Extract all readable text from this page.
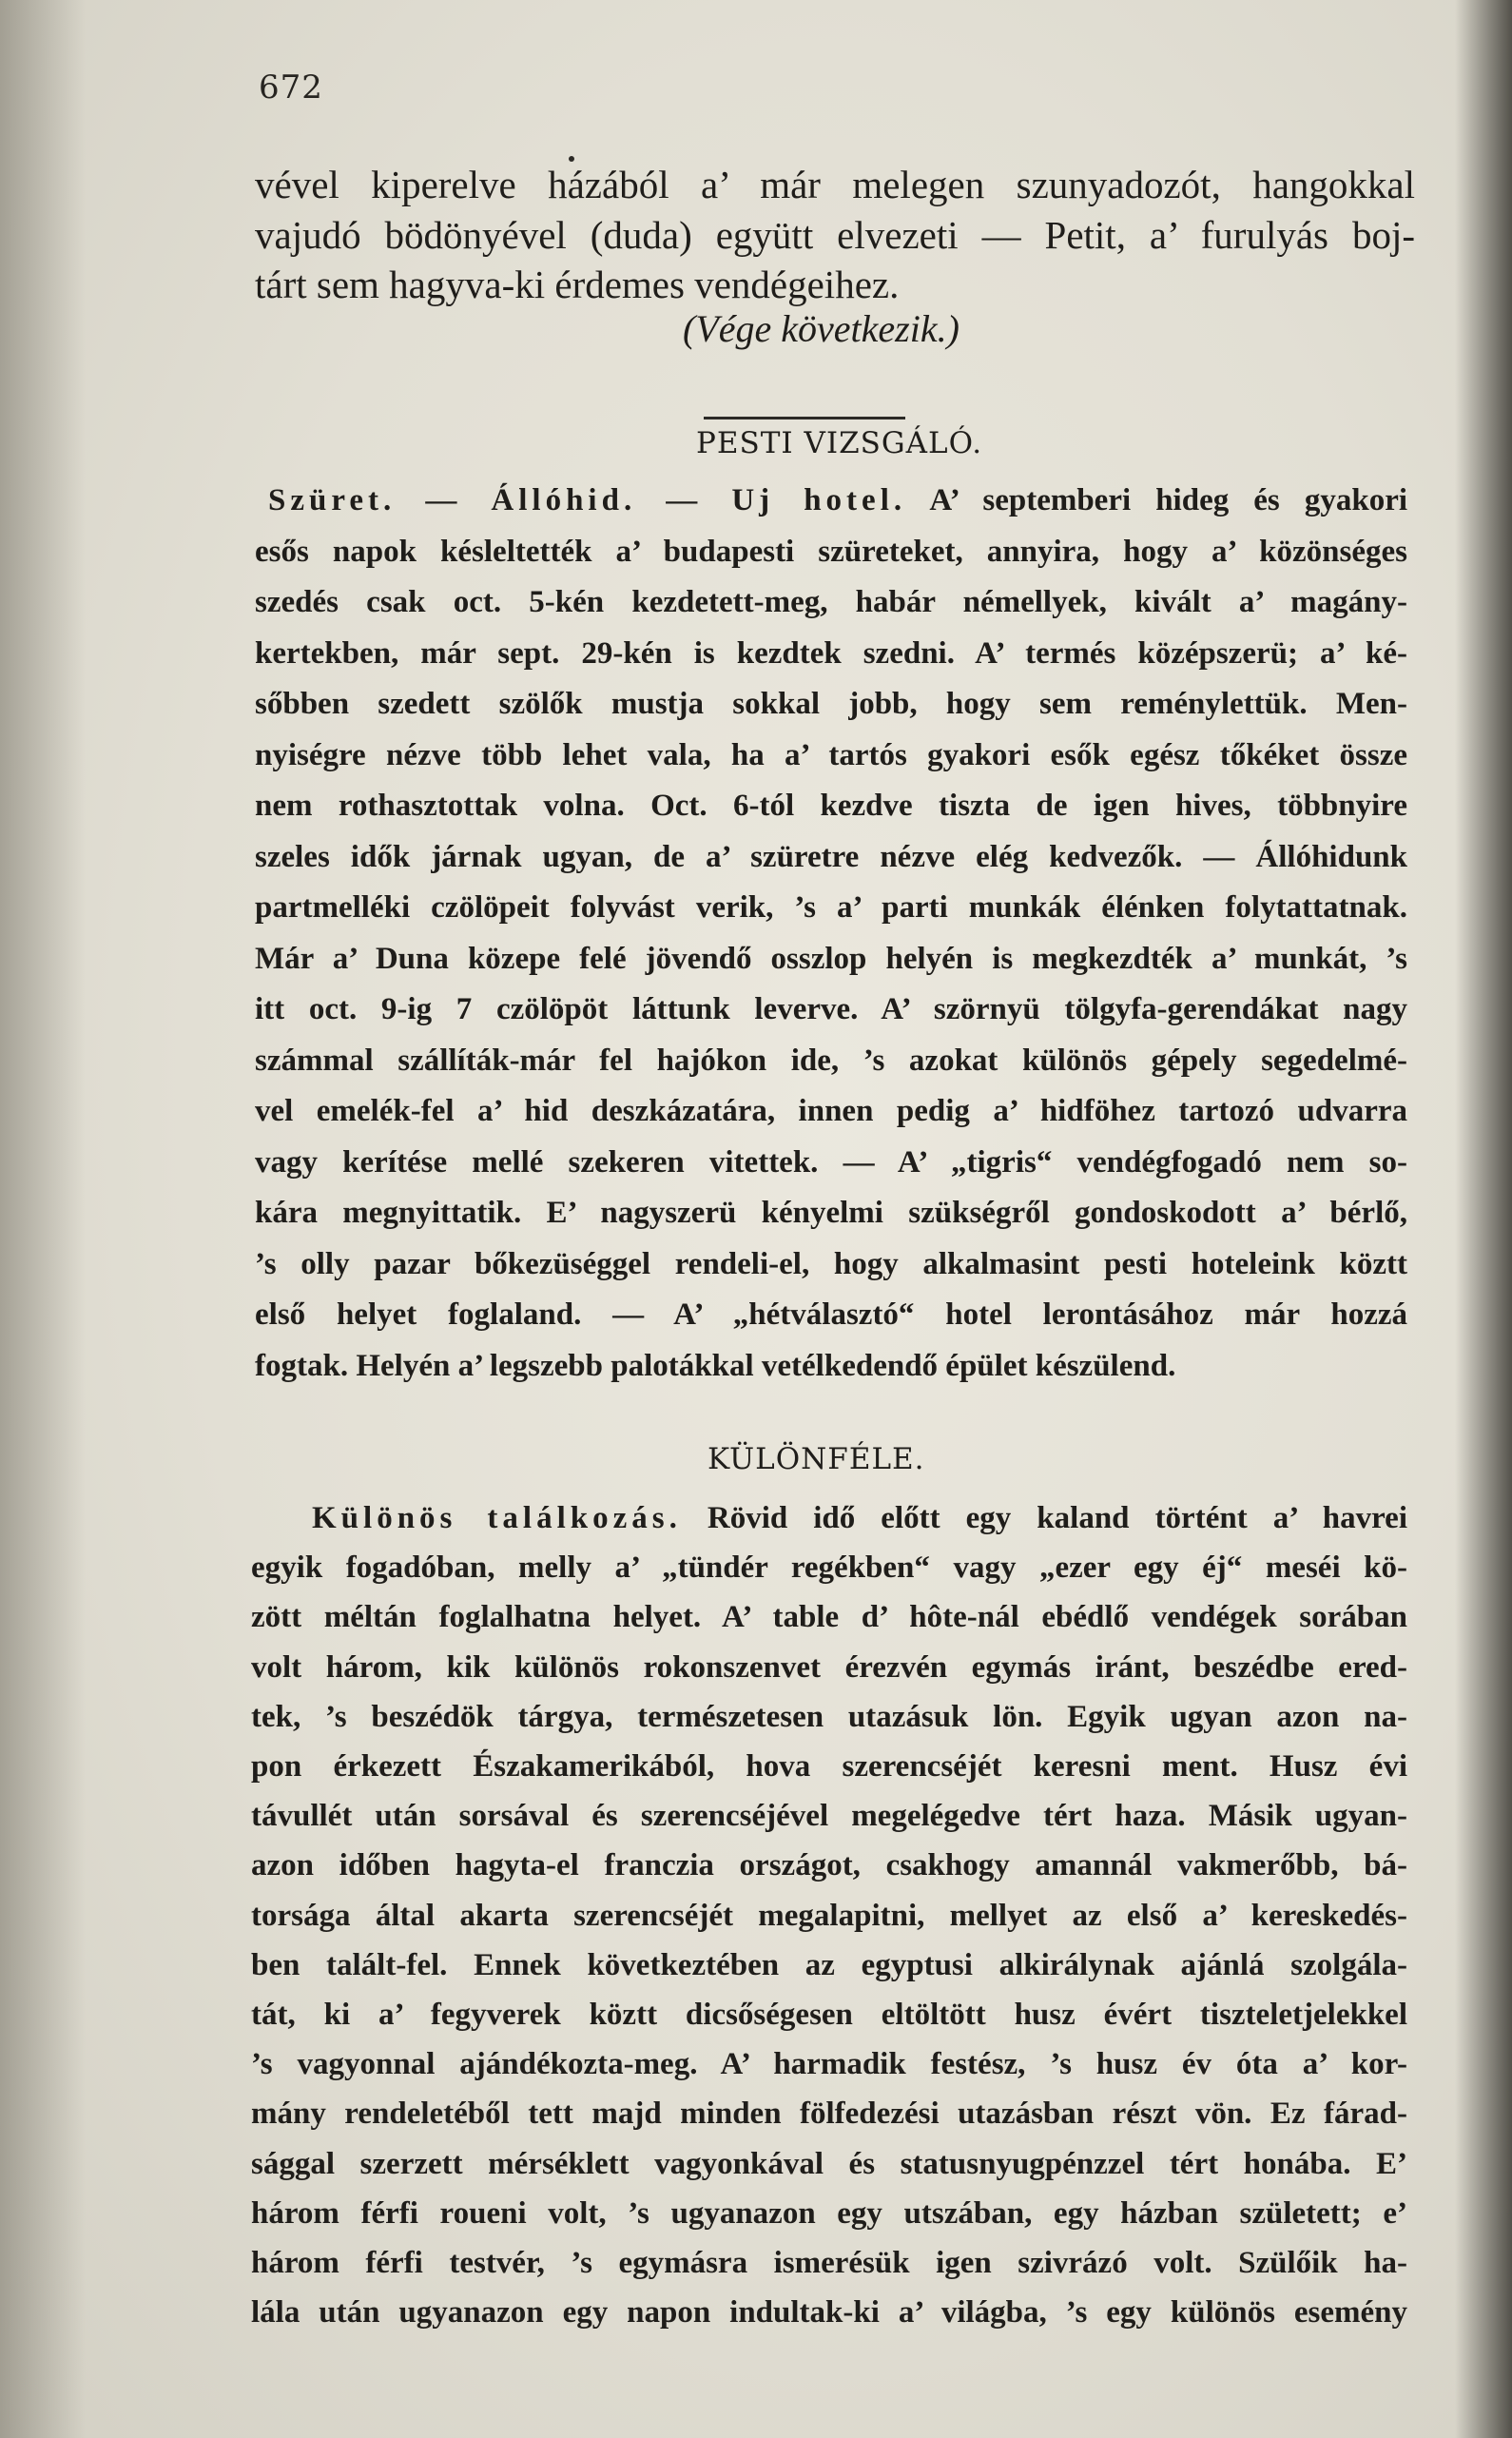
672
vével kiperelve házából a’ már melegen szunyadozót, hangokkal
vajudó bödönyével (duda) együtt elvezeti — Petit, a’ furulyás boj-
tárt sem hagyva-ki érdemes vendégeihez.
(Vége következik.)
PESTI VIZSGÁLÓ.
Szüret. — Állóhid. — Uj hotel. A’ septemberi hideg és gyakori
esős napok késleltették a’ budapesti szüreteket, annyira, hogy a’ közönséges
szedés csak oct. 5-kén kezdetett-meg, habár némellyek, kivált a’ magány-
kertekben, már sept. 29-kén is kezdtek szedni. A’ termés középszerü; a’ ké-
sőbben szedett szölők mustja sokkal jobb, hogy sem reménylettük. Men-
nyiségre nézve több lehet vala, ha a’ tartós gyakori esők egész tőkéket össze
nem rothasztottak volna. Oct. 6-tól kezdve tiszta de igen hives, többnyire
szeles idők járnak ugyan, de a’ szüretre nézve elég kedvezők. — Állóhidunk
partmelléki czölöpeit folyvást verik, ’s a’ parti munkák élénken folytattatnak.
Már a’ Duna közepe felé jövendő osszlop helyén is megkezdték a’ munkát, ’s
itt oct. 9-ig 7 czölöpöt láttunk leverve. A’ szörnyü tölgyfa-gerendákat nagy
számmal szállíták-már fel hajókon ide, ’s azokat különös gépely segedelmé-
vel emelék-fel a’ hid deszkázatára, innen pedig a’ hidföhez tartozó udvarra
vagy kerítése mellé szekeren vitettek. — A’ „tigris“ vendégfogadó nem so-
kára megnyittatik. E’ nagyszerü kényelmi szükségről gondoskodott a’ bérlő,
’s olly pazar bőkezüséggel rendeli-el, hogy alkalmasint pesti hoteleink köztt
első helyet foglaland. — A’ „hétválasztó“ hotel lerontásához már hozzá
fogtak. Helyén a’ legszebb palotákkal vetélkedendő épület készülend.
KÜLÖNFÉLE.
Különös találkozás. Rövid idő előtt egy kaland történt a’ havrei
egyik fogadóban, melly a’ „tündér regékben“ vagy „ezer egy éj“ meséi kö-
zött méltán foglalhatna helyet. A’ table d’ hôte-nál ebédlő vendégek sorában
volt három, kik különös rokonszenvet érezvén egymás iránt, beszédbe ered-
tek, ’s beszédök tárgya, természetesen utazásuk lön. Egyik ugyan azon na-
pon érkezett Északamerikából, hova szerencséjét keresni ment. Husz évi
távullét után sorsával és szerencséjével megelégedve tért haza. Másik ugyan-
azon időben hagyta-el franczia országot, csakhogy amannál vakmerőbb, bá-
torsága által akarta szerencséjét megalapitni, mellyet az első a’ kereskedés-
ben talált-fel. Ennek következtében az egyptusi alkirálynak ajánlá szolgála-
tát, ki a’ fegyverek köztt dicsőségesen eltöltött husz évért tiszteletjelekkel
’s vagyonnal ajándékozta-meg. A’ harmadik festész, ’s husz év óta a’ kor-
mány rendeletéből tett majd minden fölfedezési utazásban részt vön. Ez fárad-
sággal szerzett mérséklett vagyonkával és statusnyugpénzzel tért honába. E’
három férfi roueni volt, ’s ugyanazon egy utszában, egy házban született; e’
három férfi testvér, ’s egymásra ismerésük igen szivrázó volt. Szülőik ha-
lála után ugyanazon egy napon indultak-ki a’ világba, ’s egy különös esemény
